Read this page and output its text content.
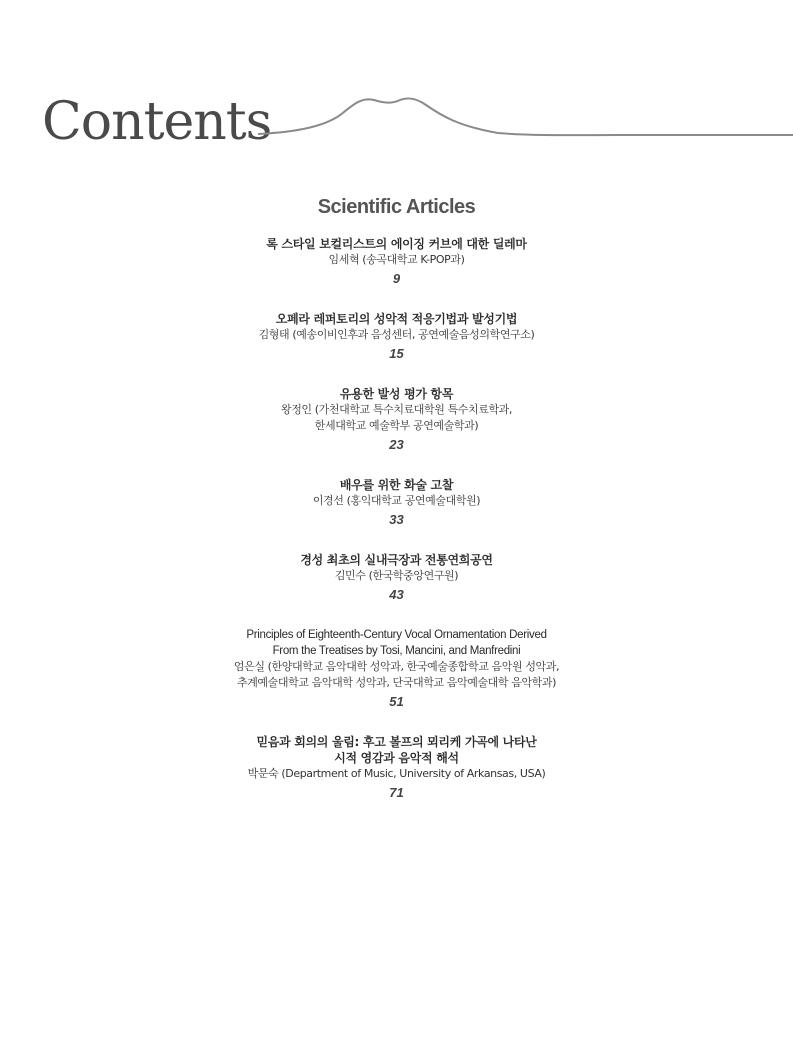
Contents
Scientific Articles
록 스타일 보컬리스트의 에이징 커브에 대한 딜레마
임세혁 (송곡대학교 K-POP과)
9
오페라 레퍼토리의 성악적 적응기법과 발성기법
김형태 (예송이비인후과 음성센터, 공연예술음성의학연구소)
15
유용한 발성 평가 항목
왕정인 (가천대학교 특수치료대학원 특수치료학과,
한세대학교 예술학부 공연예술학과)
23
배우를 위한 화술 고찰
이경선 (홍익대학교 공연예술대학원)
33
경성 최초의 실내극장과 전통연희공연
김민수 (한국학중앙연구원)
43
Principles of Eighteenth-Century Vocal Ornamentation Derived
From the Treatises by Tosi, Mancini, and Manfredini
엄은실 (한양대학교 음악대학 성악과, 한국예술종합학교 음악원 성악과,
추계예술대학교 음악대학 성악과, 단국대학교 음악예술대학 음악학과)
51
믿음과 회의의 울림: 후고 볼프의 뫼리케 가곡에 나타난
시적 영감과 음악적 해석
박문숙 (Department of Music, University of Arkansas, USA)
71
